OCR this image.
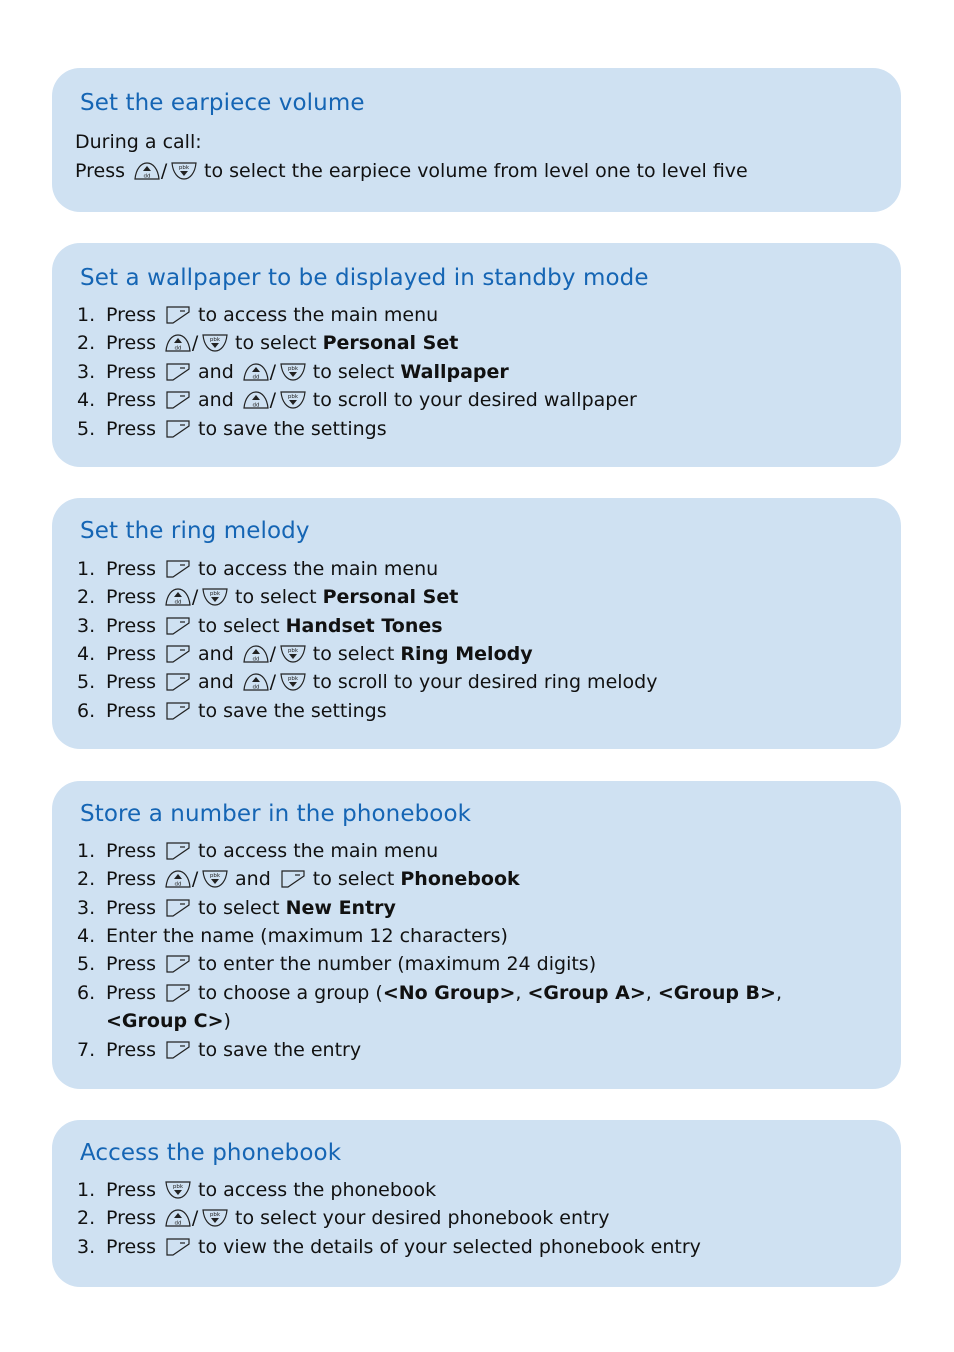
Set the earpiece volume
During a call:
Press / to select the earpiece volume from level one to level five
Set a wallpaper to be displayed in standby mode
1. Press to access the main menu
2. Press / to select Personal Set
3. Press and / to select Wallpaper
4. Press and / to scroll to your desired wallpaper
5. Press to save the settings
Set the ring melody
1. Press to access the main menu
2. Press / to select Personal Set
3. Press to select Handset Tones
4. Press and / to select Ring Melody
5. Press and / to scroll to your desired ring melody
6. Press to save the settings
Store a number in the phonebook
1. Press to access the main menu
2. Press / and to select Phonebook
3. Press to select New Entry
4. Enter the name (maximum 12 characters)
5. Press to enter the number (maximum 24 digits)
6. Press to choose a group ( <No Group> , <Group A> , <Group B> ,
<Group C> )
7. Press to save the entry
Access the phonebook
1. Press to access the phonebook
2. Press / to select your desired phonebook entry
3. Press to view the details of your selected phonebook entry
